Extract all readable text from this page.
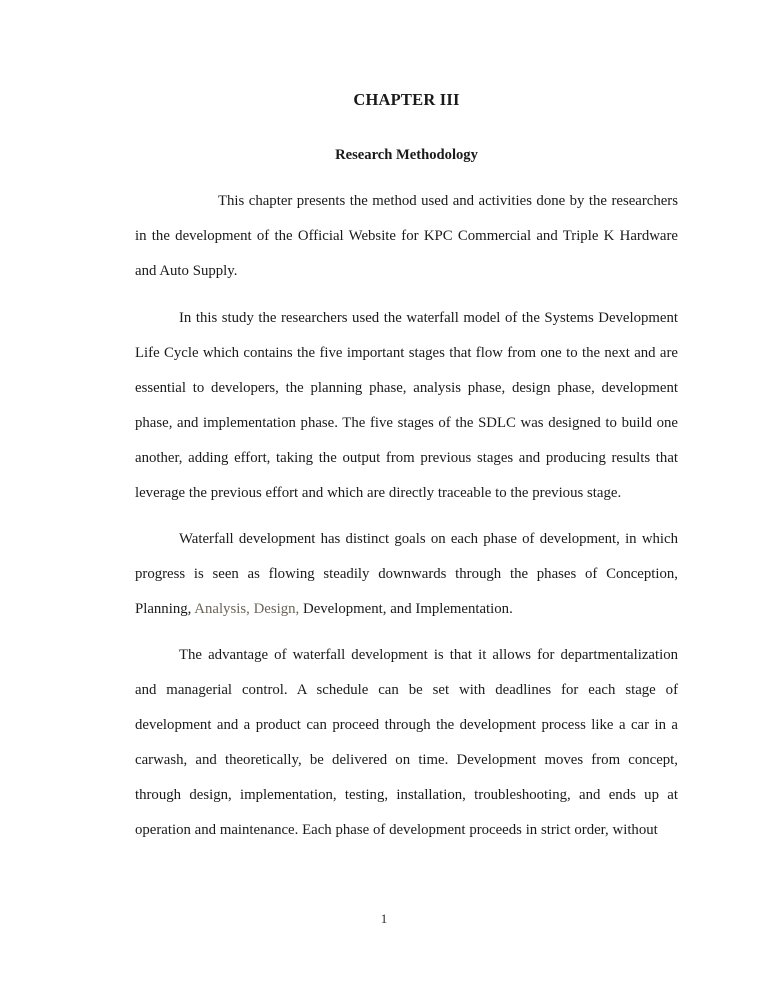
CHAPTER III
Research Methodology

This chapter presents the method used and activities done by the researchers in the development of the Official Website for KPC Commercial and Triple K Hardware and Auto Supply.

In this study the researchers used the waterfall model of the Systems Development Life Cycle which contains the five important stages that flow from one to the next and are essential to developers, the planning phase, analysis phase, design phase, development phase, and implementation phase. The five stages of the SDLC was designed to build one another, adding effort, taking the output from previous stages and producing results that leverage the previous effort and which are directly traceable to the previous stage.

Waterfall development has distinct goals on each phase of development, in which progress is seen as flowing steadily downwards through the phases of Conception, Planning, Analysis, Design, Development, and Implementation.

The advantage of waterfall development is that it allows for departmentalization and managerial control. A schedule can be set with deadlines for each stage of development and a product can proceed through the development process like a car in a carwash, and theoretically, be delivered on time. Development moves from concept, through design, implementation, testing, installation, troubleshooting, and ends up at operation and maintenance. Each phase of development proceeds in strict order, without

1
